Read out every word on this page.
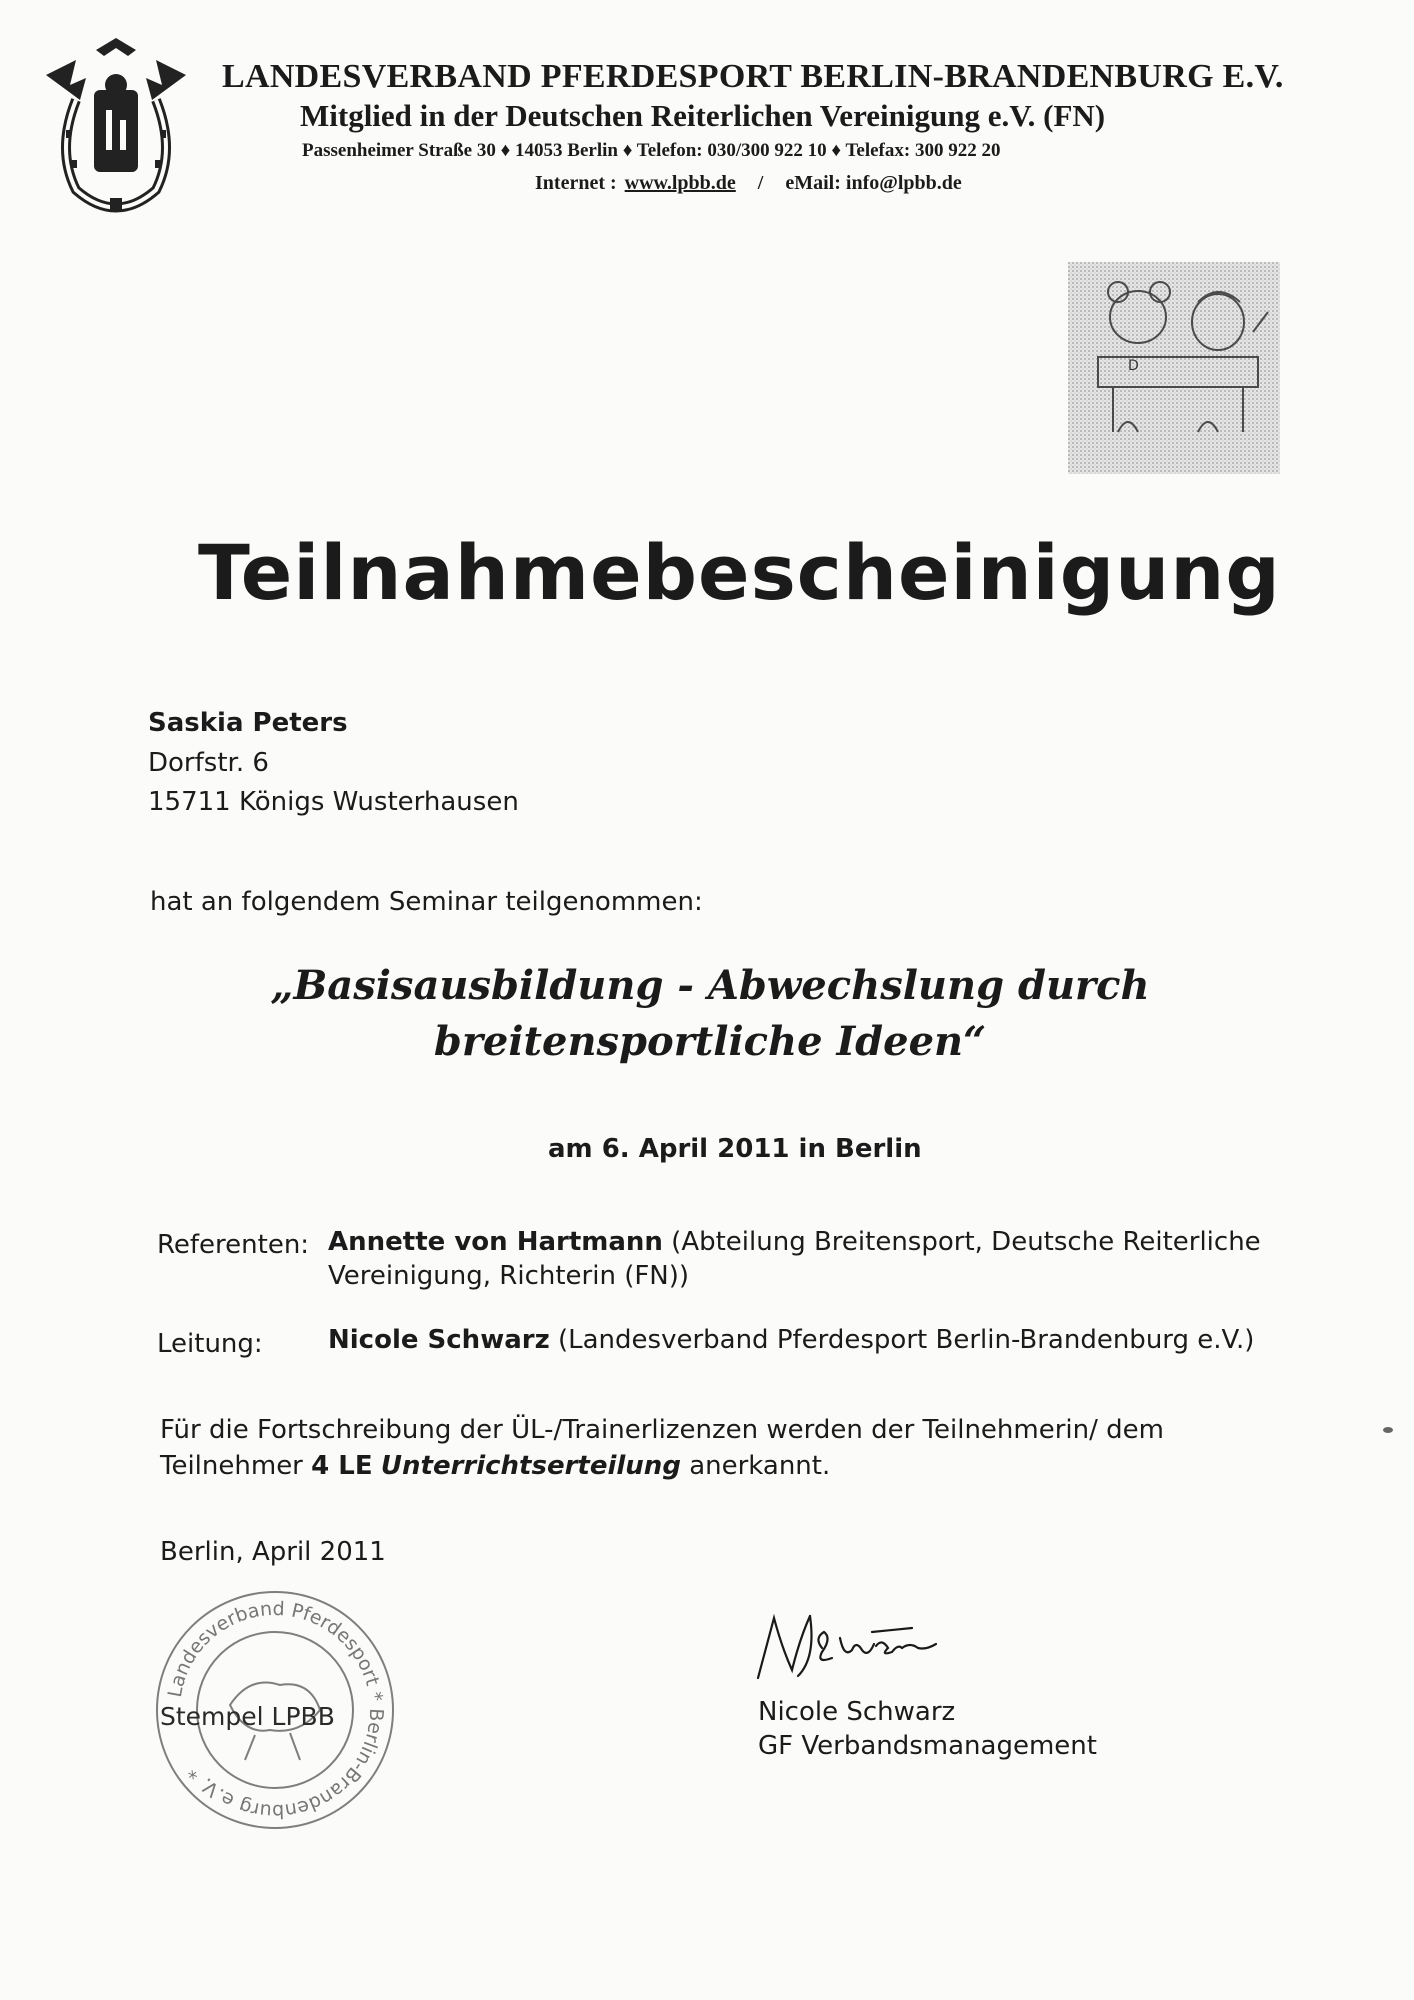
LANDESVERBAND PFERDESPORT BERLIN-BRANDENBURG E.V.
Mitglied in der Deutschen Reiterlichen Vereinigung e.V. (FN)
Passenheimer Straße 30 ♦ 14053 Berlin ♦ Telefon: 030/300 922 10 ♦ Telefax: 300 922 20
Internet : www.lpbb.de / eMail: info@lpbb.de
D
Teilnahmebescheinigung
Saskia Peters
Dorfstr. 6
15711 Königs Wusterhausen
hat an folgendem Seminar teilgenommen:
„Basisausbildung - Abwechslung durch
breitensportliche Ideen“
am 6. April 2011 in Berlin
Referenten: Annette von Hartmann (Abteilung Breitensport, Deutsche Reiterliche Vereinigung, Richterin (FN))
Leitung:	Nicole Schwarz (Landesverband Pferdesport Berlin-Brandenburg e.V.)
Für die Fortschreibung der ÜL-/Trainerlizenzen werden der Teilnehmerin/ dem Teilnehmer 4 LE Unterrichtserteilung anerkannt.
Berlin, April 2011
Landesverband Pferdesport * Berlin-Brandenburg e.V. *
Stempel LPBB
N.Schwarz
Nicole Schwarz
GF Verbandsmanagement
